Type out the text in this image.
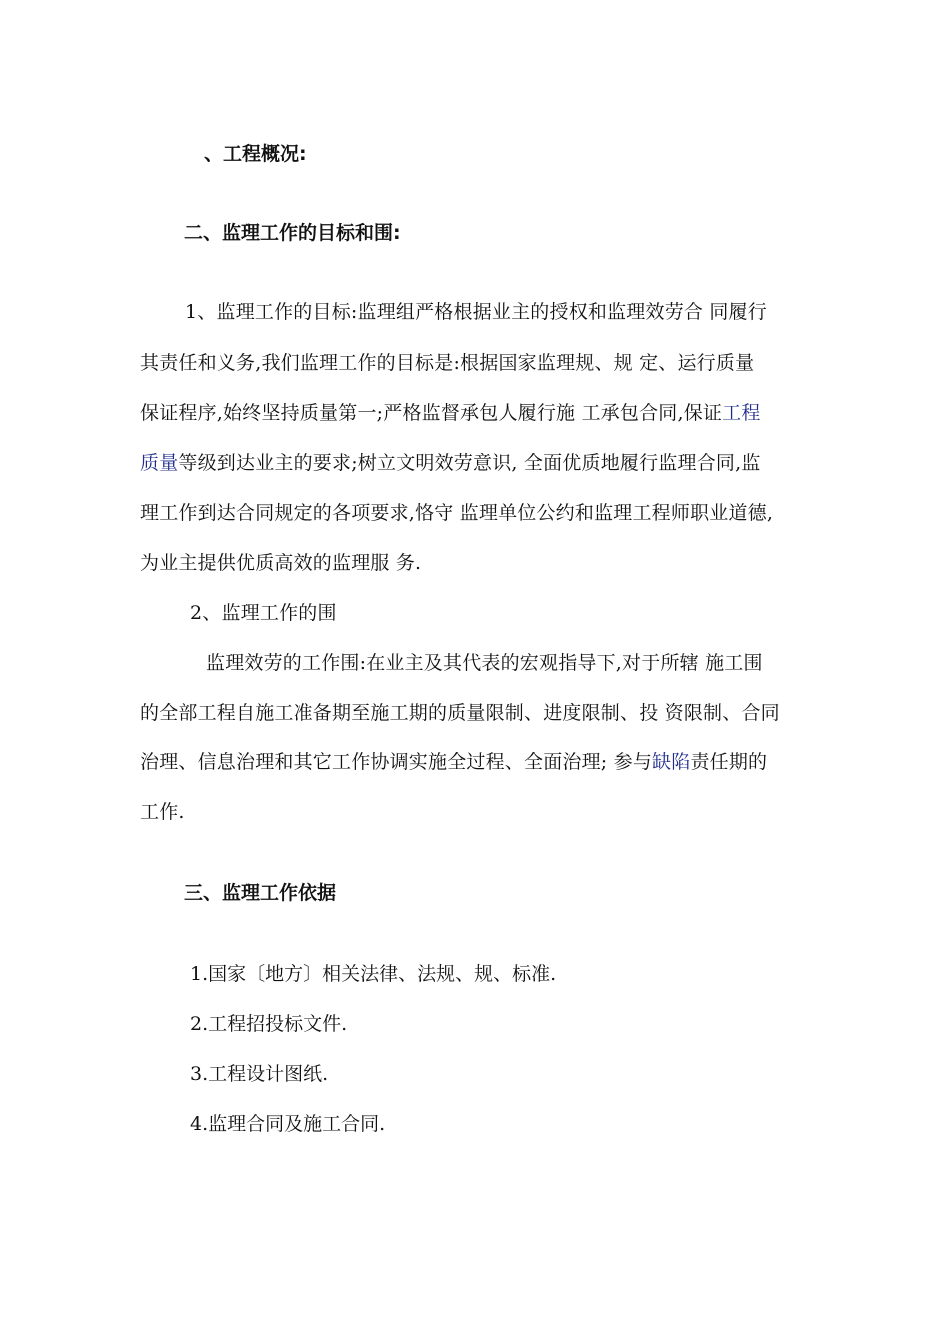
、工程概况:
二、监理工作的目标和围:
1、监理工作的目标:监理组严格根据业主的授权和监理效劳合 同履行
其责任和义务,我们监理工作的目标是:根据国家监理规、规 定、运行质量
保证程序,始终坚持质量第一;严格监督承包人履行施 工承包合同,保证工程
质量等级到达业主的要求;树立文明效劳意识, 全面优质地履行监理合同,监
理工作到达合同规定的各项要求,恪守 监理单位公约和监理工程师职业道德,
为业主提供优质高效的监理服 务.
2、监理工作的围
监理效劳的工作围:在业主及其代表的宏观指导下,对于所辖 施工围
的全部工程自施工准备期至施工期的质量限制、进度限制、投 资限制、合同
治理、信息治理和其它工作协调实施全过程、全面治理; 参与缺陷责任期的
工作.
三、监理工作依据
1.国家〔地方〕相关法律、法规、规、标准.
2.工程招投标文件.
3.工程设计图纸.
4.监理合同及施工合同.
